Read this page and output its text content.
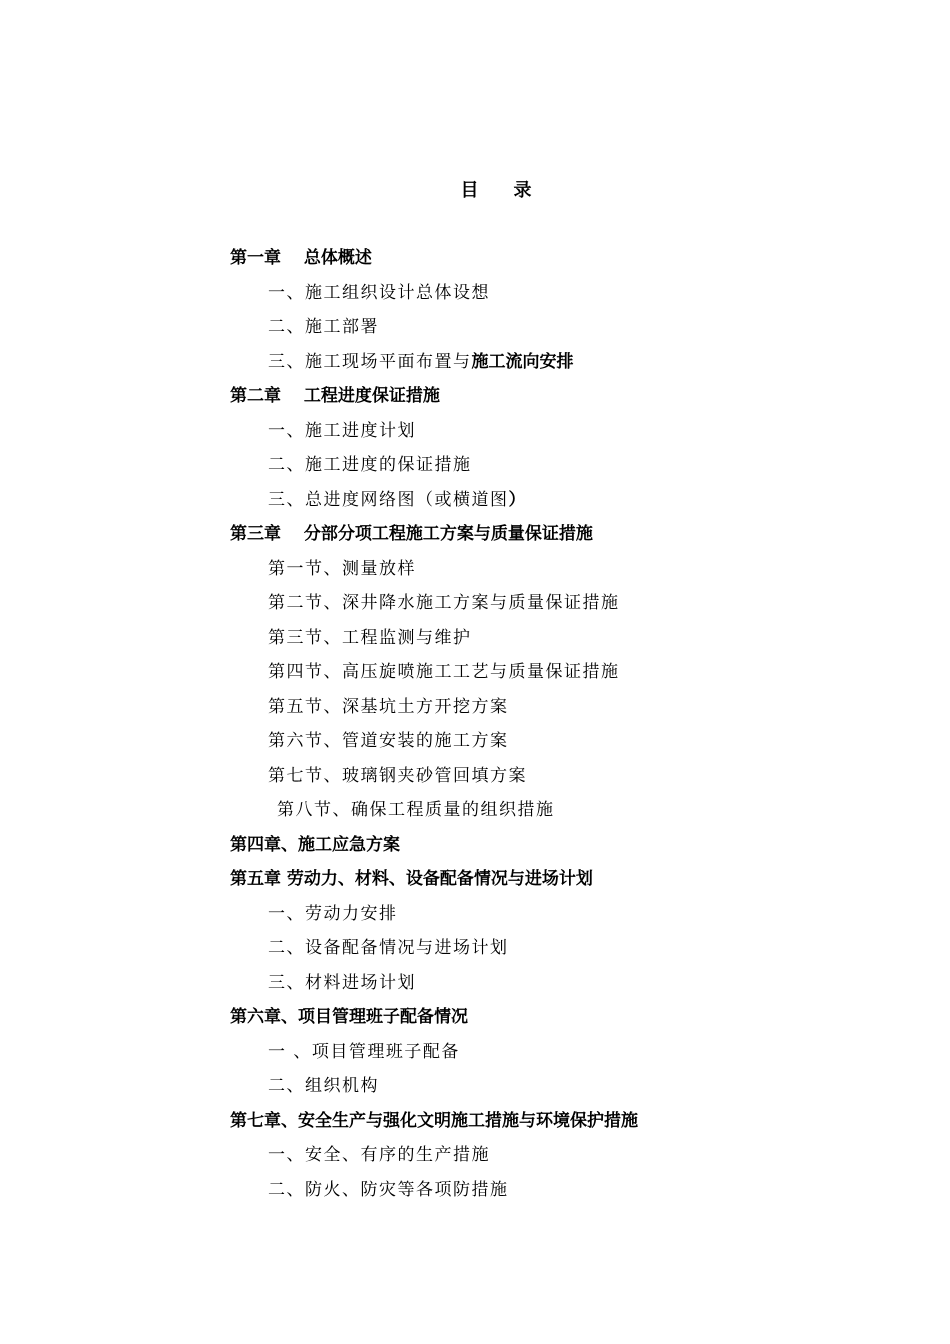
目    录
第一章　 总体概述
一、施工组织设计总体设想
二、施工部署
三、施工现场平面布置与施工流向安排
第二章　 工程进度保证措施
一、施工进度计划
二、施工进度的保证措施
三、总进度网络图（或横道图）
第三章　 分部分项工程施工方案与质量保证措施
第一节、测量放样
第二节、深井降水施工方案与质量保证措施
第三节、工程监测与维护
第四节、高压旋喷施工工艺与质量保证措施
第五节、深基坑土方开挖方案
第六节、管道安装的施工方案
第七节、玻璃钢夹砂管回填方案
第八节、确保工程质量的组织措施
第四章、施工应急方案
第五章 劳动力、材料、设备配备情况与进场计划
一、劳动力安排
二、设备配备情况与进场计划
三、材料进场计划
第六章、项目管理班子配备情况
一 、项目管理班子配备
二、组织机构
第七章、安全生产与强化文明施工措施与环境保护措施
一、安全、有序的生产措施
二、防火、防灾等各项防措施
